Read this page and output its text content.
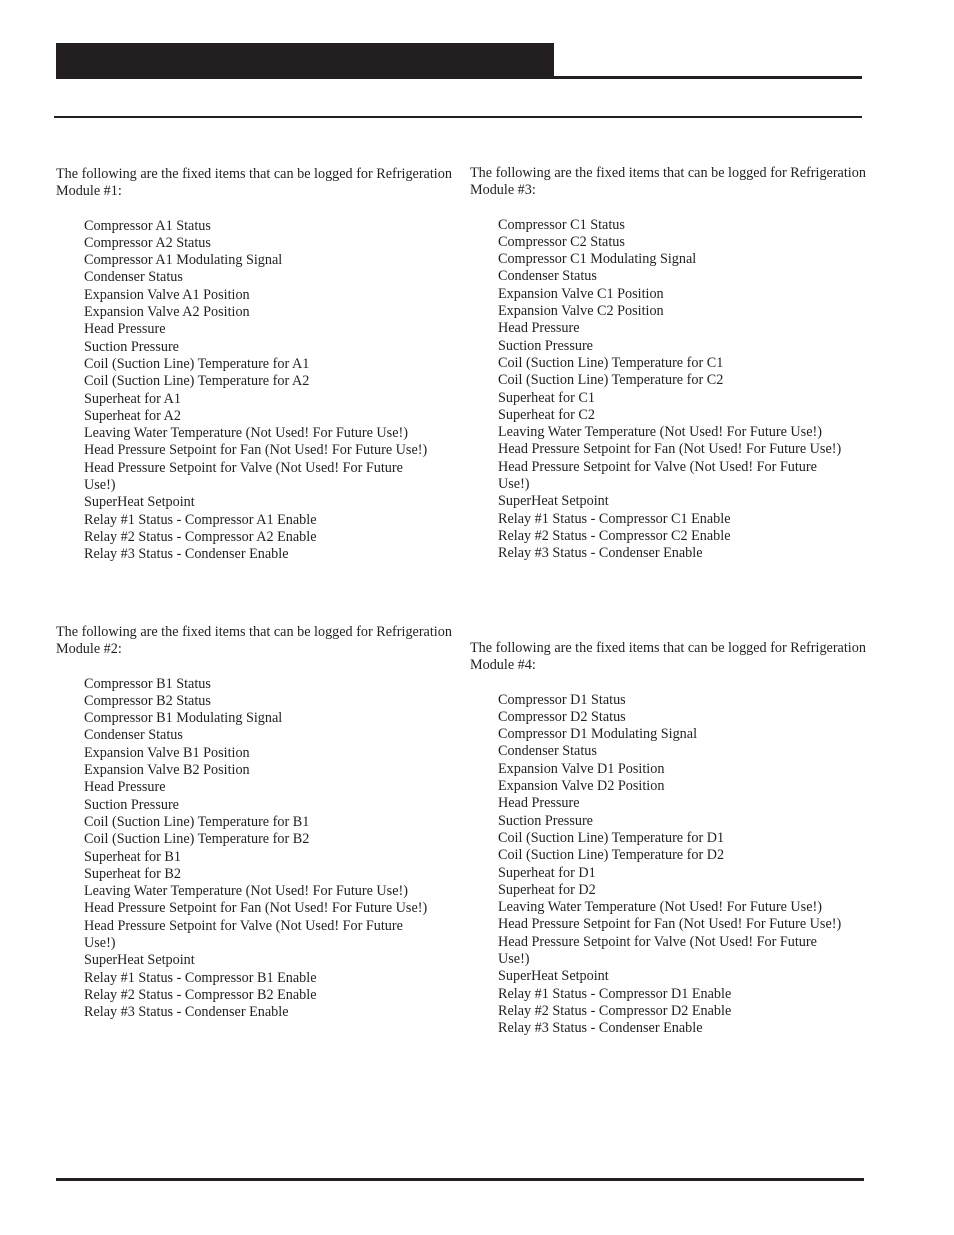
The following are the fixed items that can be logged for Refrigeration Module #1:

Compressor A1 Status
Compressor A2 Status
Compressor A1 Modulating Signal
Condenser Status
Expansion Valve A1 Position
Expansion Valve A2 Position
Head Pressure
Suction Pressure
Coil (Suction Line) Temperature for A1
Coil (Suction Line) Temperature for A2
Superheat for A1
Superheat for A2
Leaving Water Temperature (Not Used! For Future Use!)
Head Pressure Setpoint for Fan (Not Used! For Future Use!)
Head Pressure Setpoint for Valve (Not Used! For Future Use!)
SuperHeat Setpoint
Relay #1 Status - Compressor A1 Enable
Relay #2 Status - Compressor A2 Enable
Relay #3 Status - Condenser Enable

The following are the fixed items that can be logged for Refrigeration Module #2:

Compressor B1 Status
Compressor B2 Status
Compressor B1 Modulating Signal
Condenser Status
Expansion Valve B1 Position
Expansion Valve B2 Position
Head Pressure
Suction Pressure
Coil (Suction Line) Temperature for B1
Coil (Suction Line) Temperature for B2
Superheat for B1
Superheat for B2
Leaving Water Temperature (Not Used! For Future Use!)
Head Pressure Setpoint for Fan (Not Used! For Future Use!)
Head Pressure Setpoint for Valve (Not Used! For Future Use!)
SuperHeat Setpoint
Relay #1 Status - Compressor B1 Enable
Relay #2 Status - Compressor B2 Enable
Relay #3 Status - Condenser Enable

The following are the fixed items that can be logged for Refrigeration Module #3:

Compressor C1 Status
Compressor C2 Status
Compressor C1 Modulating Signal
Condenser Status
Expansion Valve C1 Position
Expansion Valve C2 Position
Head Pressure
Suction Pressure
Coil (Suction Line) Temperature for C1
Coil (Suction Line) Temperature for C2
Superheat for C1
Superheat for C2
Leaving Water Temperature (Not Used! For Future Use!)
Head Pressure Setpoint for Fan (Not Used! For Future Use!)
Head Pressure Setpoint for Valve (Not Used! For Future Use!)
SuperHeat Setpoint
Relay #1 Status - Compressor C1 Enable
Relay #2 Status - Compressor C2 Enable
Relay #3 Status - Condenser Enable

The following are the fixed items that can be logged for Refrigeration Module #4:

Compressor D1 Status
Compressor D2 Status
Compressor D1 Modulating Signal
Condenser Status
Expansion Valve D1 Position
Expansion Valve D2 Position
Head Pressure
Suction Pressure
Coil (Suction Line) Temperature for D1
Coil (Suction Line) Temperature for D2
Superheat for D1
Superheat for D2
Leaving Water Temperature (Not Used! For Future Use!)
Head Pressure Setpoint for Fan (Not Used! For Future Use!)
Head Pressure Setpoint for Valve (Not Used! For Future Use!)
SuperHeat Setpoint
Relay #1 Status - Compressor D1 Enable
Relay #2 Status - Compressor D2 Enable
Relay #3 Status - Condenser Enable
